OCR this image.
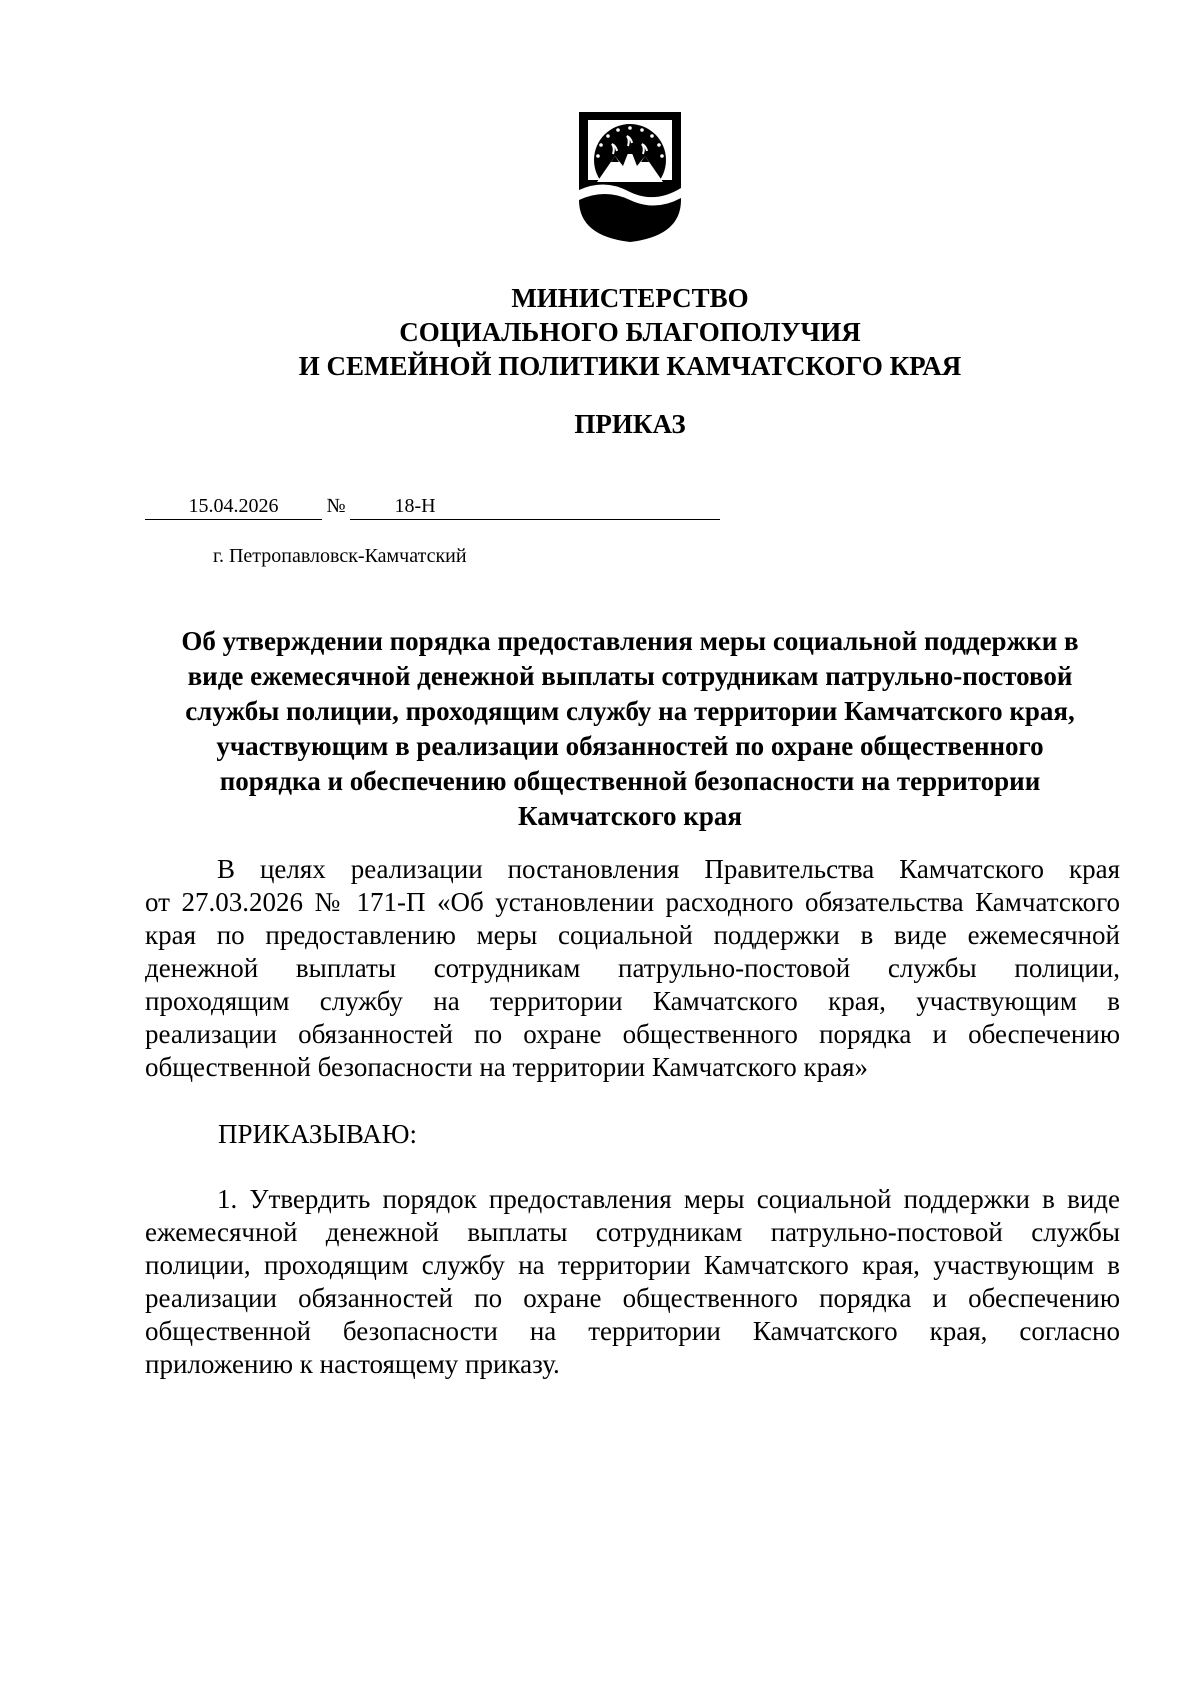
МИНИСТЕРСТВО
СОЦИАЛЬНОГО БЛАГОПОЛУЧИЯ
И СЕМЕЙНОЙ ПОЛИТИКИ КАМЧАТСКОГО КРАЯ
ПРИКАЗ
15.04.2026	№	18-Н
г. Петропавловск-Камчатский
Об утверждении порядка предоставления меры социальной поддержки в
виде ежемесячной денежной выплаты сотрудникам патрульно-постовой
службы полиции, проходящим службу на территории Камчатского края,
участвующим в реализации обязанностей по охране общественного
порядка и обеспечению общественной безопасности на территории
Камчатского края
В целях реализации постановления Правительства Камчатского края
от 27.03.2026 № 171-П «Об установлении расходного обязательства Камчатского
края по предоставлению меры социальной поддержки в виде ежемесячной
денежной выплаты сотрудникам патрульно-постовой службы полиции,
проходящим службу на территории Камчатского края, участвующим в
реализации обязанностей по охране общественного порядка и обеспечению
общественной безопасности на территории Камчатского края»
ПРИКАЗЫВАЮ:
1. Утвердить порядок предоставления меры социальной поддержки в виде
ежемесячной денежной выплаты сотрудникам патрульно-постовой службы
полиции, проходящим службу на территории Камчатского края, участвующим в
реализации обязанностей по охране общественного порядка и обеспечению
общественной безопасности на территории Камчатского края, согласно
приложению к настоящему приказу.
